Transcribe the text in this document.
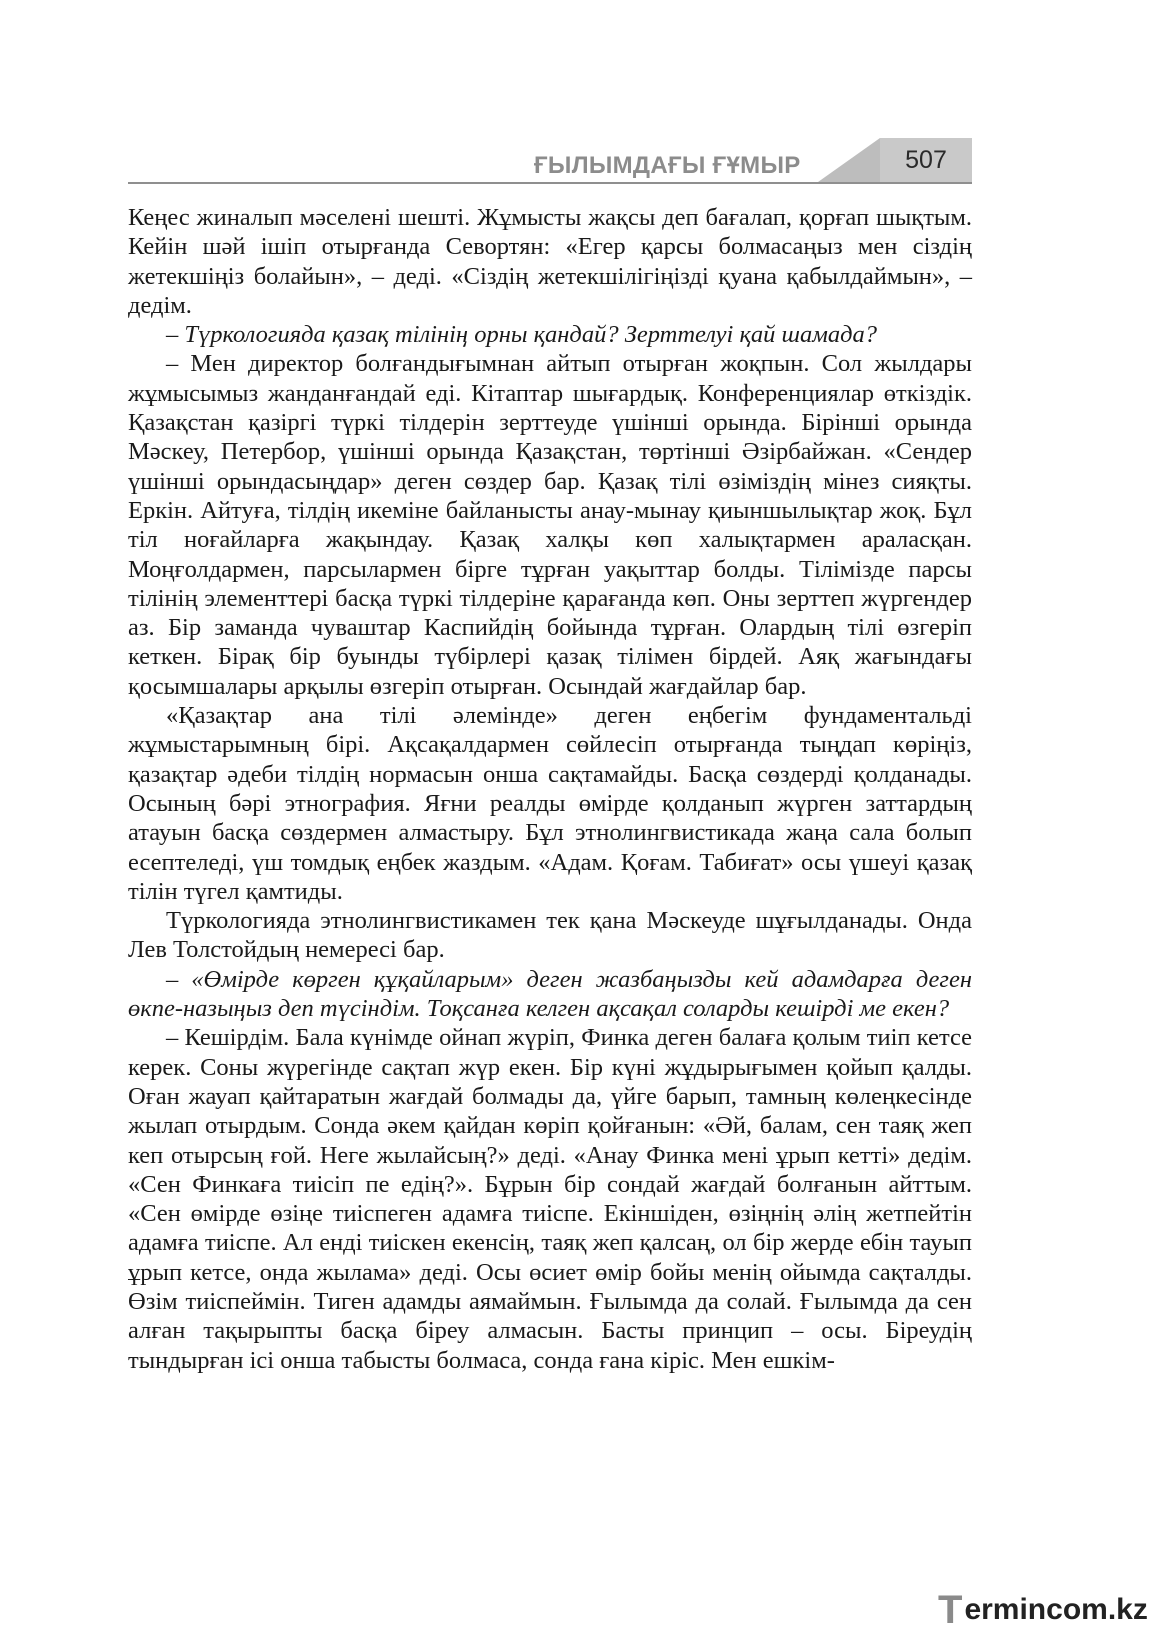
ҒЫЛЫМДАҒЫ ҒҰМЫР	507

Кеңес жиналып мәселені шешті. Жұмысты жақсы деп бағалап, қорғап шықтым. Кейін шәй ішіп отырғанда Севортян: «Егер қарсы болмасаңыз мен сіздің жетекшіңіз болайын», – деді. «Сіздің жетекшілігіңізді қуана қабылдаймын», – дедім.

– Түркологияда қазақ тілінің орны қандай? Зерттелуі қай шамада?

– Мен директор болғандығымнан айтып отырған жоқпын. Сол жылдары жұмысымыз жанданғандай еді. Кітаптар шығардық. Конференциялар өткіздік. Қазақстан қазіргі түркі тілдерін зерттеуде үшінші орында. Бірінші орында Мәскеу, Петербор, үшінші орында Қазақстан, төртінші Әзірбайжан. «Сендер үшінші орындасыңдар» деген сөздер бар. Қазақ тілі өзіміздің мінез сияқты. Еркін. Айтуға, тілдің икеміне байланысты анау-мынау қиыншылықтар жоқ. Бұл тіл ноғайларға жақындау. Қазақ халқы көп халықтармен араласқан. Моңғолдармен, парсылармен бірге тұрған уақыттар болды. Тілімізде парсы тілінің элементтері басқа түркі тілдеріне қарағанда көп. Оны зерттеп жүргендер аз. Бір заманда чуваштар Каспийдің бойында тұрған. Олардың тілі өзгеріп кеткен. Бірақ бір буынды түбірлері қазақ тілімен бірдей. Аяқ жағындағы қосымшалары арқылы өзгеріп отырған. Осындай жағдайлар бар.

«Қазақтар ана тілі әлемінде» деген еңбегім фундаментальді жұмыстарымның бірі. Ақсақалдармен сөйлесіп отырғанда тыңдап көріңіз, қазақтар әдеби тілдің нормасын онша сақтамайды. Басқа сөздерді қолданады. Осының бәрі этнография. Яғни реалды өмірде қолданып жүрген заттардың атауын басқа сөздермен алмастыру. Бұл этнолингвистикада жаңа сала болып есептеледі, үш томдық еңбек жаздым. «Адам. Қоғам. Табиғат» осы үшеуі қазақ тілін түгел қамтиды.

Түркологияда этнолингвистикамен тек қана Мәскеуде шұғылданады. Онда Лев Толстойдың немересі бар.

– «Өмірде көрген құқайларым» деген жазбаңызды кей адамдарға деген өкпе-назыңыз деп түсіндім. Тоқсанға келген ақсақал соларды кешірді ме екен?

– Кешірдім. Бала күнімде ойнап жүріп, Финка деген балаға қолым тиіп кетсе керек. Соны жүрегінде сақтап жүр екен. Бір күні жұдырығымен қойып қалды. Оған жауап қайтаратын жағдай болмады да, үйге барып, тамның көлеңкесінде жылап отырдым. Сонда әкем қайдан көріп қойғанын: «Әй, балам, сен таяқ жеп кеп отырсың ғой. Неге жылайсың?» деді. «Анау Финка мені ұрып кетті» дедім. «Сен Финкаға тиісіп пе едің?». Бұрын бір сондай жағдай болғанын айттым. «Сен өмірде өзіңе тиіспеген адамға тиіспе. Екіншіден, өзіңнің әлің жетпейтін адамға тиіспе. Ал енді тиіскен екенсің, таяқ жеп қалсаң, ол бір жерде ебін тауып ұрып кетсе, онда жылама» деді. Осы өсиет өмір бойы менің ойымда сақталды. Өзім тиіспеймін. Тиген адамды аямаймын. Ғылымда да солай. Ғылымда да сен алған тақырыпты басқа біреу алмасын. Басты принцип – осы. Біреудің тындырған ісі онша табысты болмаса, сонда ғана кіріс. Мен ешкім-

T ermincom.kz
